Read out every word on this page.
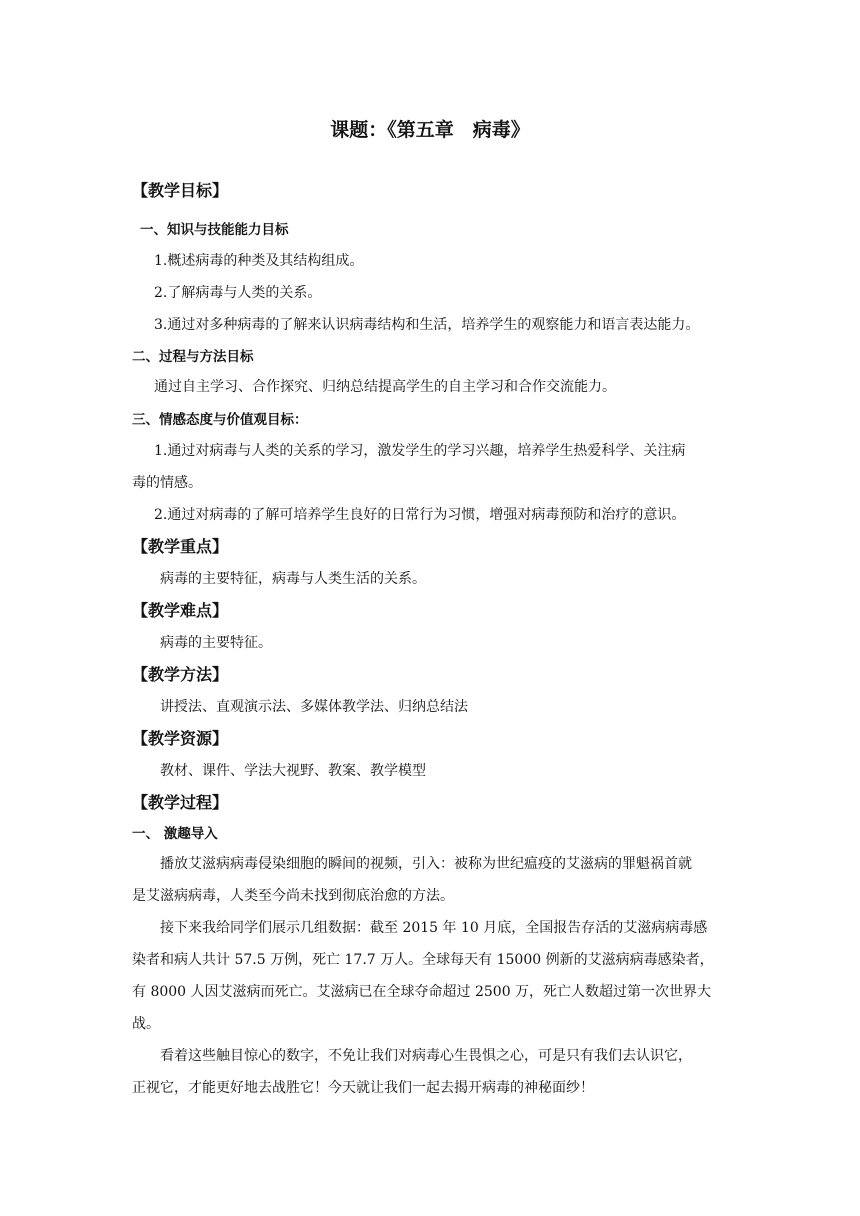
课题：《第五章　病毒》
【教学目标】
一、知识与技能能力目标
1.概述病毒的种类及其结构组成。
2.了解病毒与人类的关系。
3.通过对多种病毒的了解来认识病毒结构和生活，培养学生的观察能力和语言表达能力。
二、过程与方法目标
通过自主学习、合作探究、归纳总结提高学生的自主学习和合作交流能力。
三、情感态度与价值观目标：
1.通过对病毒与人类的关系的学习，激发学生的学习兴趣，培养学生热爱科学、关注病
毒的情感。
2.通过对病毒的了解可培养学生良好的日常行为习惯，增强对病毒预防和治疗的意识。
【教学重点】
病毒的主要特征，病毒与人类生活的关系。
【教学难点】
病毒的主要特征。
【教学方法】
讲授法、直观演示法、多媒体教学法、归纳总结法
【教学资源】
教材、课件、学法大视野、教案、教学模型
【教学过程】
一、 激趣导入
播放艾滋病病毒侵染细胞的瞬间的视频，引入：被称为世纪瘟疫的艾滋病的罪魁祸首就
是艾滋病病毒，人类至今尚未找到彻底治愈的方法。
接下来我给同学们展示几组数据：截至 2015 年 10 月底，全国报告存活的艾滋病病毒感
染者和病人共计 57.5 万例，死亡 17.7 万人。全球每天有 15000 例新的艾滋病病毒感染者，
有 8000 人因艾滋病而死亡。艾滋病已在全球夺命超过 2500 万，死亡人数超过第一次世界大
战。
看着这些触目惊心的数字，不免让我们对病毒心生畏惧之心，可是只有我们去认识它，
正视它，才能更好地去战胜它！今天就让我们一起去揭开病毒的神秘面纱！
